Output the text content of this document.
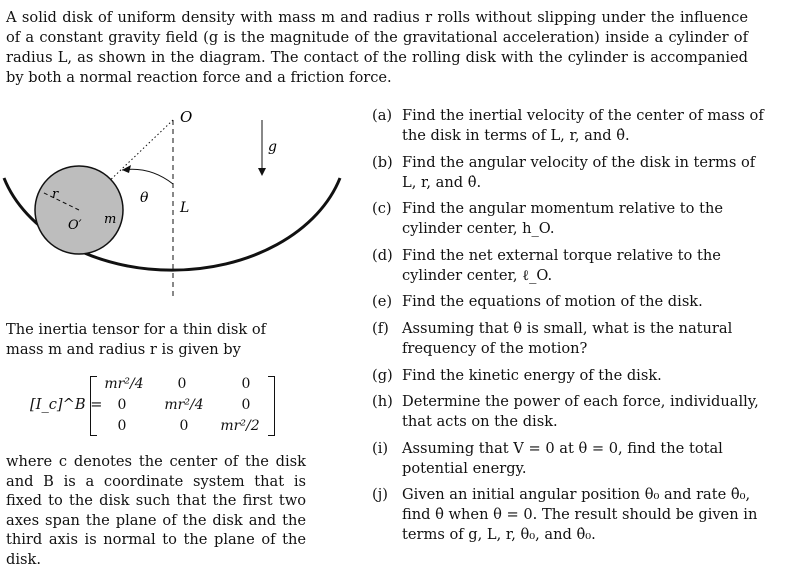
A solid disk of uniform density with mass m and radius r rolls without slipping under the influence of a constant gravity field (g is the magnitude of the gravitational acceleration) inside a cylinder of radius L, as shown in the diagram. The contact of the rolling disk with the cylinder is accompanied by both a normal reaction force and a friction force.
O
g
θ
L
r
O′ m
The inertia tensor for a thin disk of mass m and radius r is given by
[I_c]^B =
mr²/4	0	0
0	mr²/4	0
0	0	mr²/2
where c denotes the center of the disk and B is a coordinate system that is fixed to the disk such that the first two axes span the plane of the disk and the third axis is normal to the plane of the disk.
(a) Find the inertial velocity of the center of mass of the disk in terms of L, r, and θ̇.
(b) Find the angular velocity of the disk in terms of L, r, and θ̇.
(c) Find the angular momentum relative to the cylinder center, h_O.
(d) Find the net external torque relative to the cylinder center, ℓ_O.
(e) Find the equations of motion of the disk.
(f) Assuming that θ is small, what is the natural frequency of the motion?
(g) Find the kinetic energy of the disk.
(h) Determine the power of each force, individually, that acts on the disk.
(i) Assuming that V = 0 at θ = 0, find the total potential energy.
(j) Given an initial angular position θ₀ and rate θ̇₀, find θ̇ when θ = 0. The result should be given in terms of g, L, r, θ₀, and θ̇₀.
